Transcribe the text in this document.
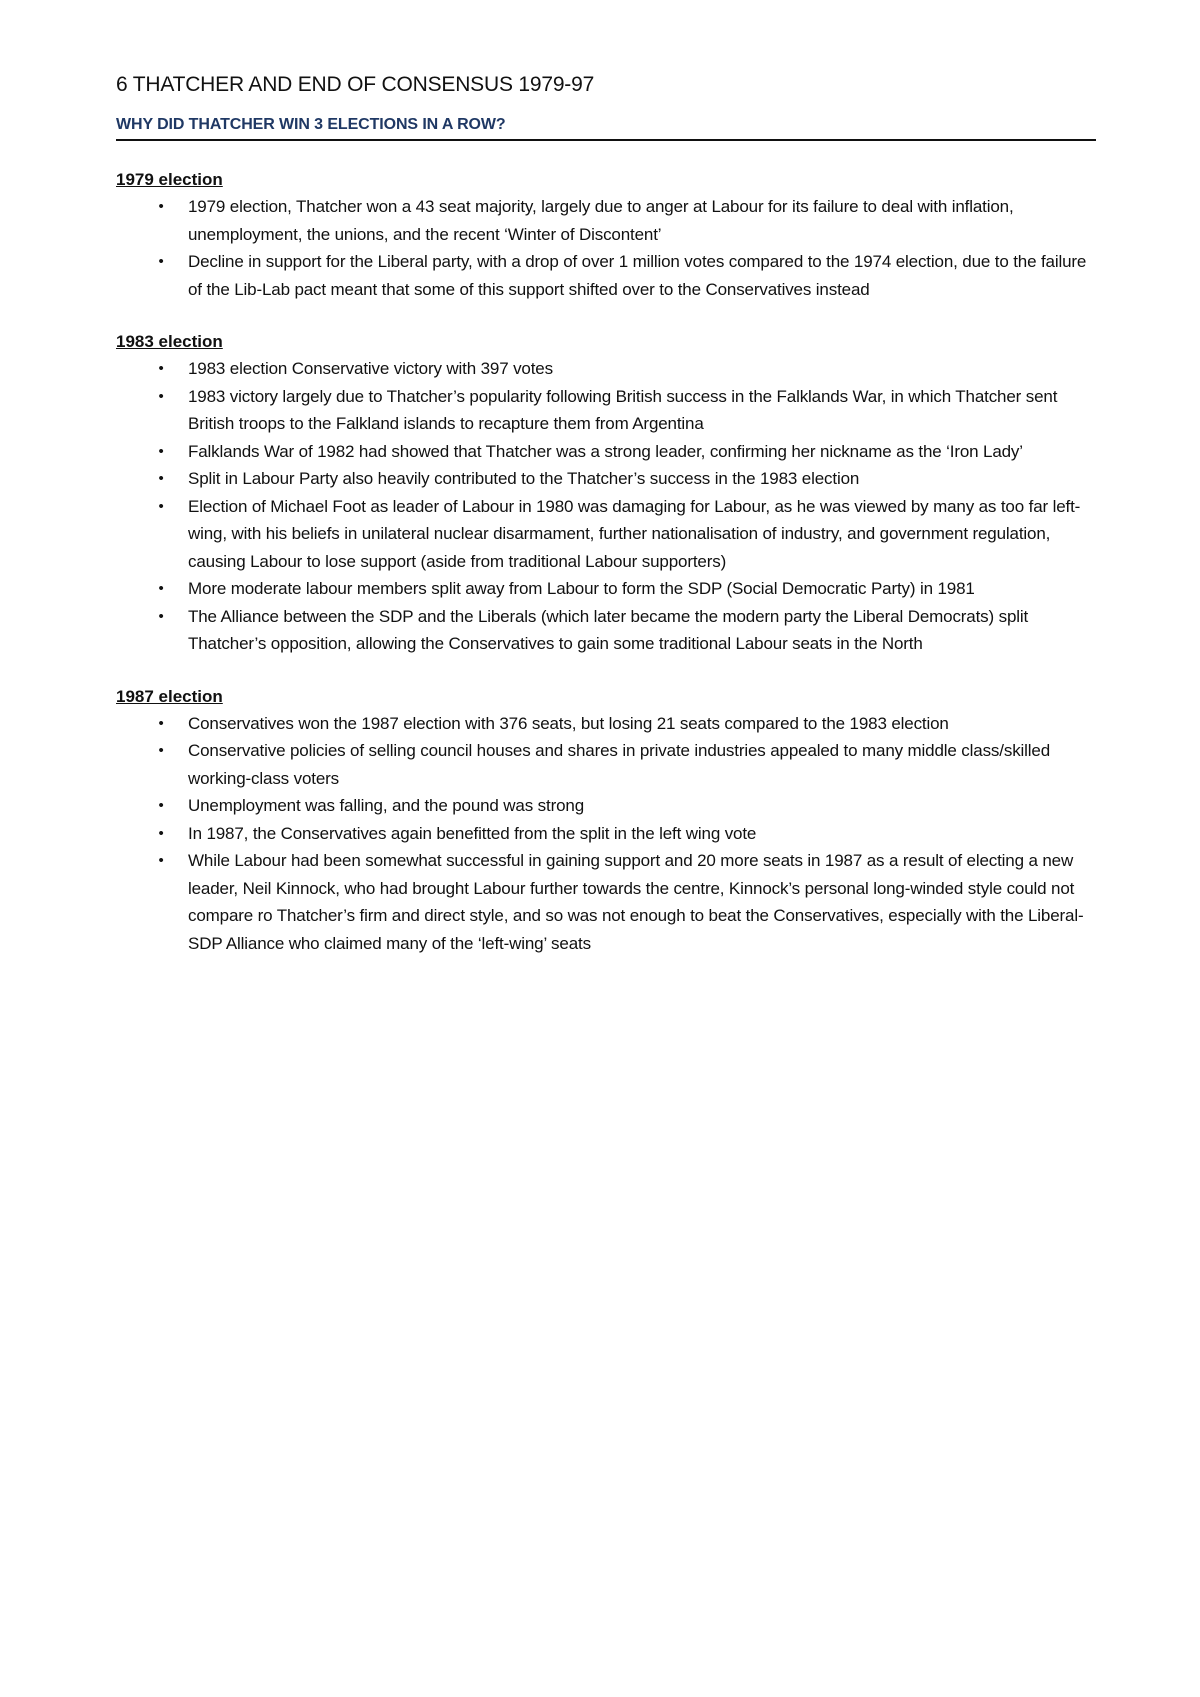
6 THATCHER AND END OF CONSENSUS 1979-97
WHY DID THATCHER WIN 3 ELECTIONS IN A ROW?

1979 election

• 1979 election, Thatcher won a 43 seat majority, largely due to anger at Labour for its failure to deal with inflation, unemployment, the unions, and the recent ‘Winter of Discontent’
• Decline in support for the Liberal party, with a drop of over 1 million votes compared to the 1974 election, due to the failure of the Lib-Lab pact meant that some of this support shifted over to the Conservatives instead

1983 election

• 1983 election Conservative victory with 397 votes
• 1983 victory largely due to Thatcher’s popularity following British success in the Falklands War, in which Thatcher sent British troops to the Falkland islands to recapture them from Argentina
• Falklands War of 1982 had showed that Thatcher was a strong leader, confirming her nickname as the ‘Iron Lady’
• Split in Labour Party also heavily contributed to the Thatcher’s success in the 1983 election
• Election of Michael Foot as leader of Labour in 1980 was damaging for Labour, as he was viewed by many as too far left-wing, with his beliefs in unilateral nuclear disarmament, further nationalisation of industry, and government regulation, causing Labour to lose support (aside from traditional Labour supporters)
• More moderate labour members split away from Labour to form the SDP (Social Democratic Party) in 1981
• The Alliance between the SDP and the Liberals (which later became the modern party the Liberal Democrats) split Thatcher’s opposition, allowing the Conservatives to gain some traditional Labour seats in the North

1987 election

• Conservatives won the 1987 election with 376 seats, but losing 21 seats compared to the 1983 election
• Conservative policies of selling council houses and shares in private industries appealed to many middle class/skilled working-class voters
• Unemployment was falling, and the pound was strong
• In 1987, the Conservatives again benefitted from the split in the left wing vote
• While Labour had been somewhat successful in gaining support and 20 more seats in 1987 as a result of electing a new leader, Neil Kinnock, who had brought Labour further towards the centre, Kinnock’s personal long-winded style could not compare ro Thatcher’s firm and direct style, and so was not enough to beat the Conservatives, especially with the Liberal-SDP Alliance who claimed many of the ‘left-wing’ seats
